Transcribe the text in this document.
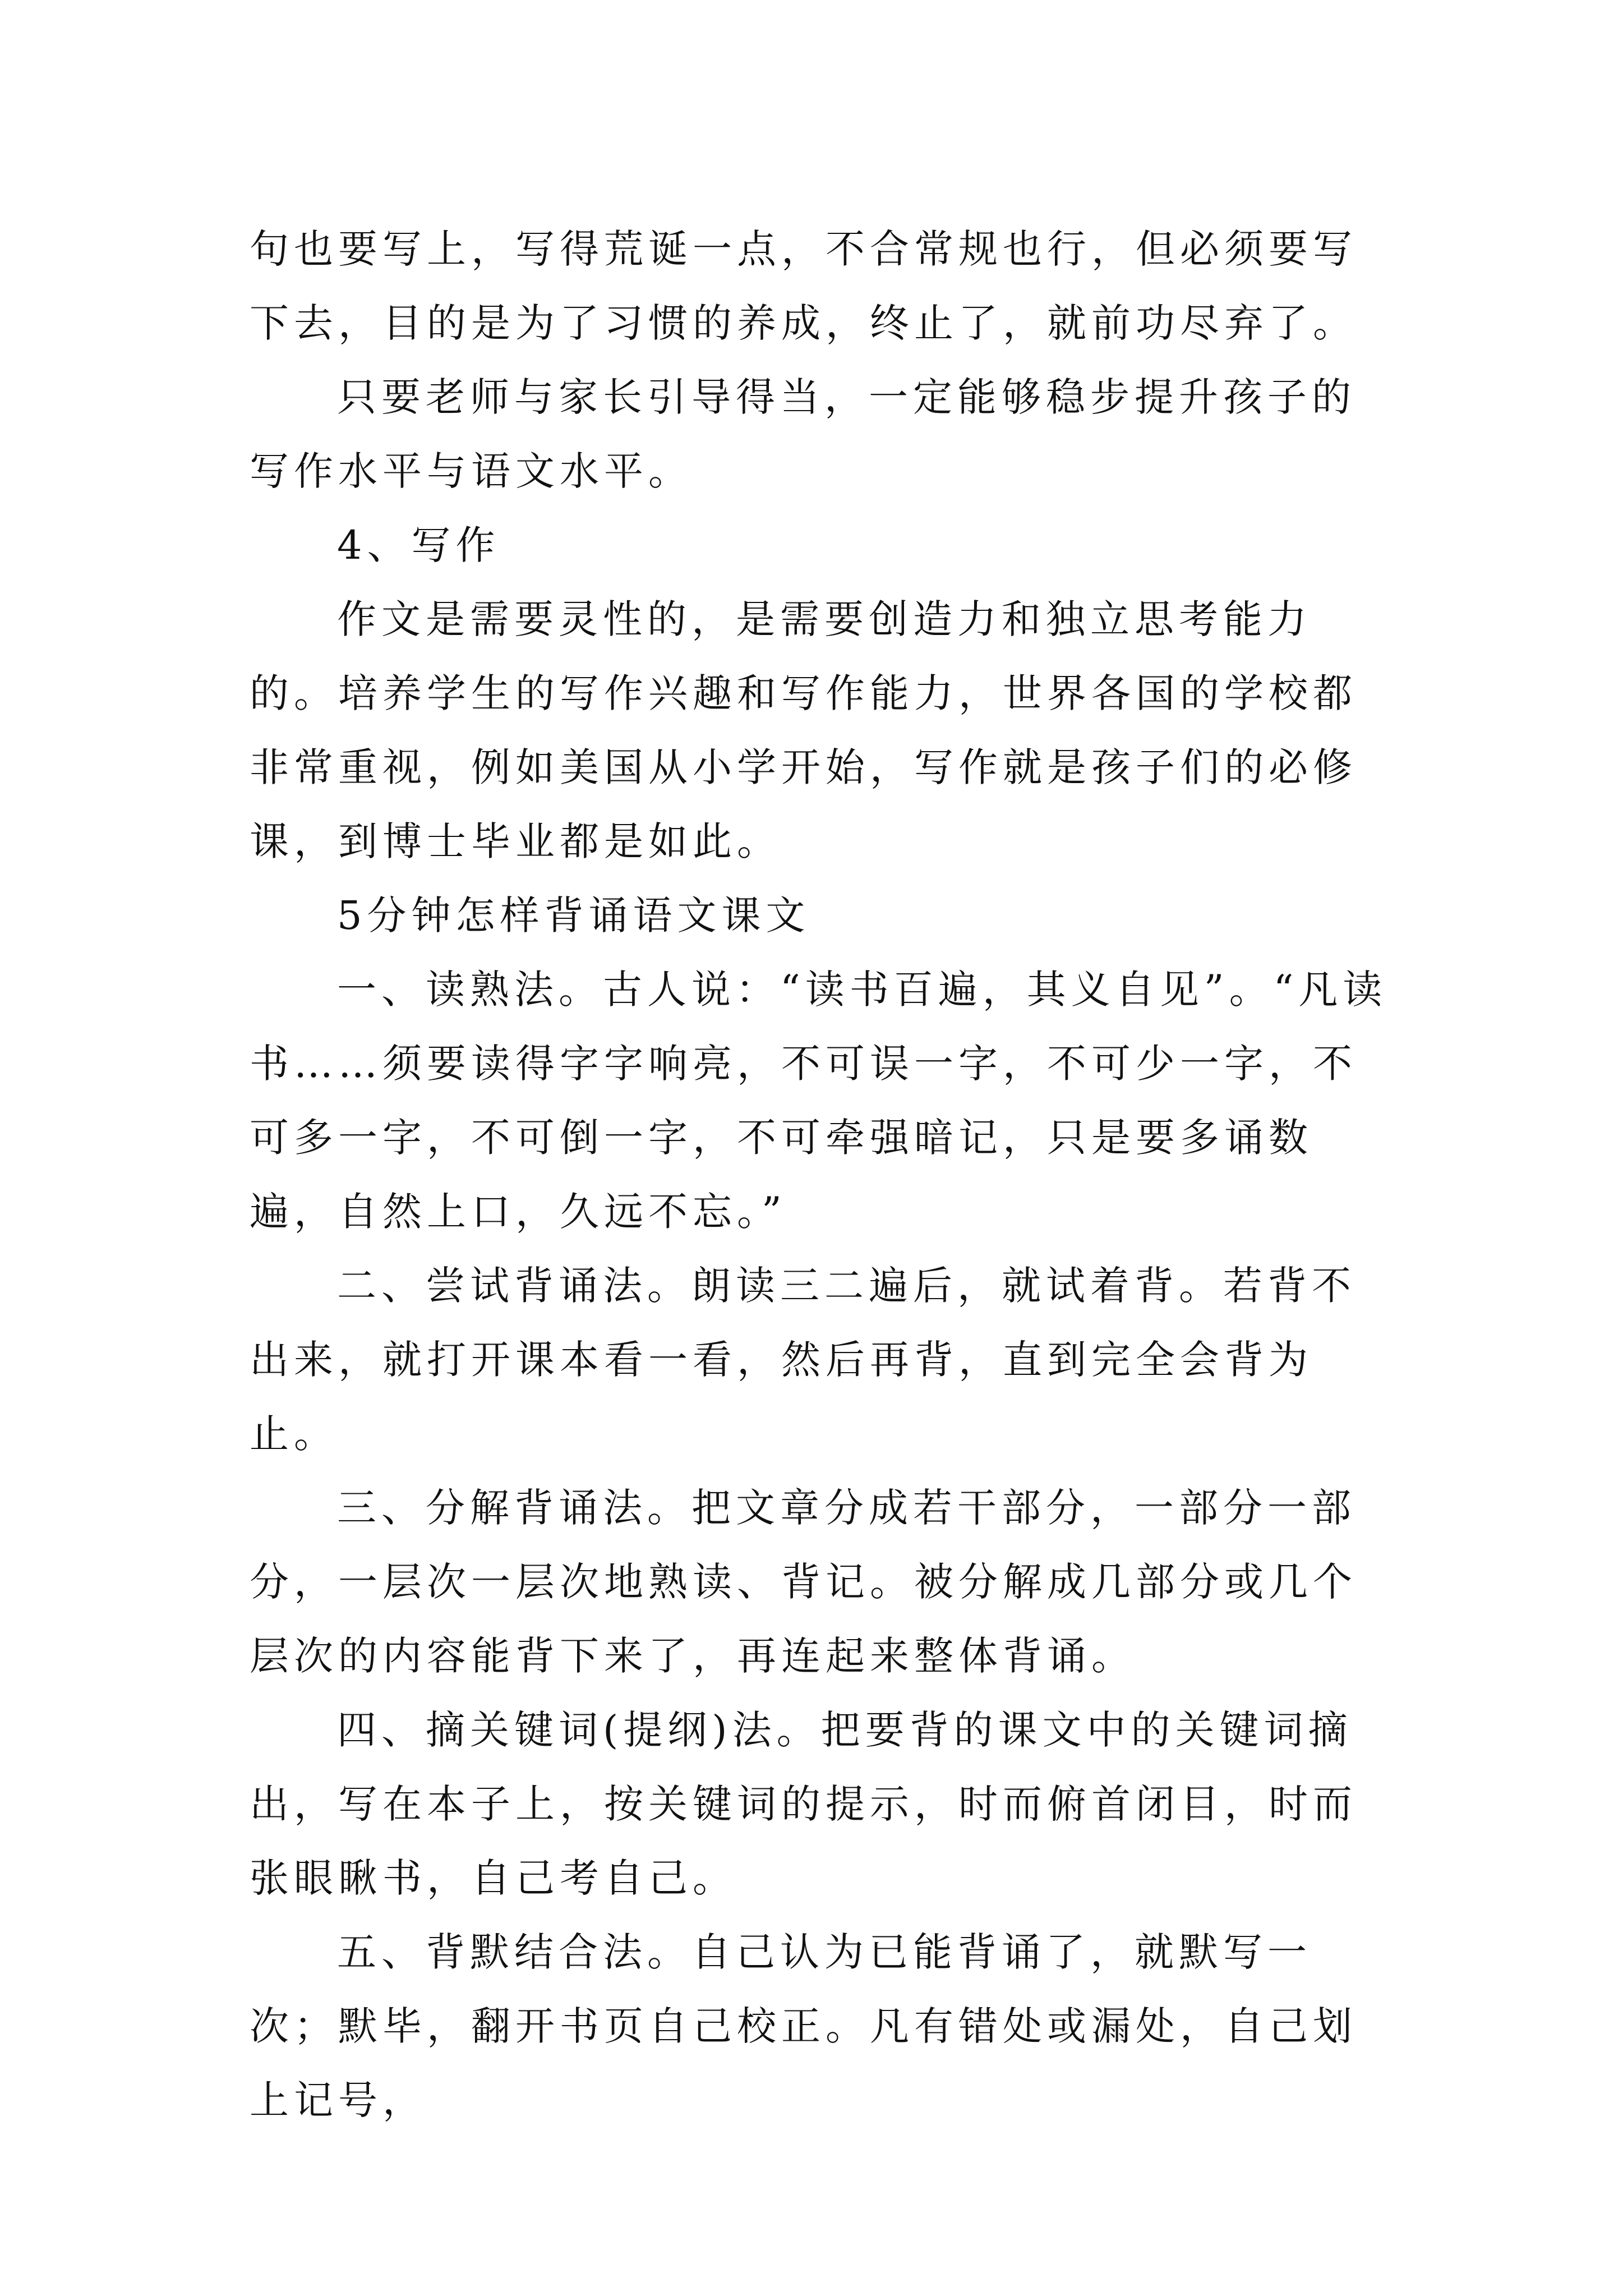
句也要写上，写得荒诞一点，不合常规也行，但必须要写下去，目的是为了习惯的养成，终止了，就前功尽弃了。

只要老师与家长引导得当，一定能够稳步提升孩子的写作水平与语文水平。

4、写作

作文是需要灵性的，是需要创造力和独立思考能力的。培养学生的写作兴趣和写作能力，世界各国的学校都非常重视，例如美国从小学开始，写作就是孩子们的必修课，到博士毕业都是如此。

5分钟怎样背诵语文课文

一、读熟法。古人说：“读书百遍，其义自见”。“凡读书……须要读得字字响亮，不可误一字，不可少一字，不可多一字，不可倒一字，不可牵强暗记，只是要多诵数遍，自然上口，久远不忘。”

二、尝试背诵法。朗读三二遍后，就试着背。若背不出来，就打开课本看一看，然后再背，直到完全会背为止。

三、分解背诵法。把文章分成若干部分，一部分一部分，一层次一层次地熟读、背记。被分解成几部分或几个层次的内容能背下来了，再连起来整体背诵。

四、摘关键词(提纲)法。把要背的课文中的关键词摘出，写在本子上，按关键词的提示，时而俯首闭目，时而张眼瞅书，自己考自己。

五、背默结合法。自己认为已能背诵了，就默写一次；默毕，翻开书页自己校正。凡有错处或漏处，自己划上记号，
